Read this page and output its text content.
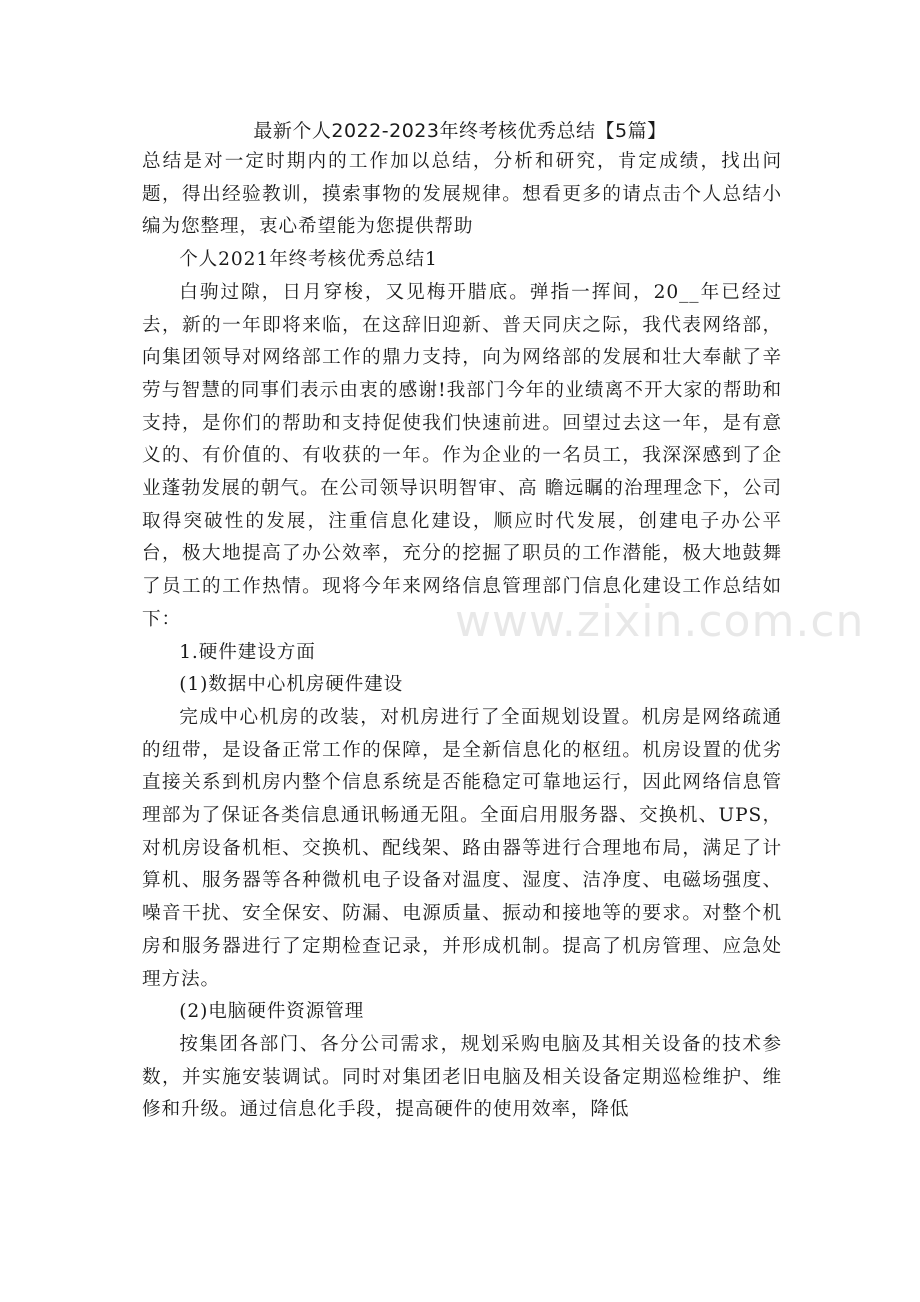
最新个人2022-2023年终考核优秀总结【5篇】

总结是对一定时期内的工作加以总结，分析和研究，肯定成绩，找出问题，得出经验教训，摸索事物的发展规律。想看更多的请点击个人总结小编为您整理，衷心希望能为您提供帮助

个人2021年终考核优秀总结1

白驹过隙，日月穿梭，又见梅开腊底。弹指一挥间，20__年已经过去，新的一年即将来临，在这辞旧迎新、普天同庆之际，我代表网络部，向集团领导对网络部工作的鼎力支持，向为网络部的发展和壮大奉献了辛劳与智慧的同事们表示由衷的感谢!我部门今年的业绩离不开大家的帮助和支持，是你们的帮助和支持促使我们快速前进。回望过去这一年，是有意义的、有价值的、有收获的一年。作为企业的一名员工，我深深感到了企业蓬勃发展的朝气。在公司领导识明智审、高 瞻远瞩的治理理念下，公司取得突破性的发展，注重信息化建设，顺应时代发展，创建电子办公平台，极大地提高了办公效率，充分的挖掘了职员的工作潜能，极大地鼓舞了员工的工作热情。现将今年来网络信息管理部门信息化建设工作总结如下：

1.硬件建设方面

(1)数据中心机房硬件建设

完成中心机房的改装，对机房进行了全面规划设置。机房是网络疏通的纽带，是设备正常工作的保障，是全新信息化的枢纽。机房设置的优劣直接关系到机房内整个信息系统是否能稳定可靠地运行，因此网络信息管理部为了保证各类信息通讯畅通无阻。全面启用服务器、交换机、UPS，对机房设备机柜、交换机、配线架、路由器等进行合理地布局，满足了计算机、服务器等各种微机电子设备对温度、湿度、洁净度、电磁场强度、噪音干扰、安全保安、防漏、电源质量、振动和接地等的要求。对整个机房和服务器进行了定期检查记录，并形成机制。提高了机房管理、应急处理方法。

(2)电脑硬件资源管理

按集团各部门、各分公司需求，规划采购电脑及其相关设备的技术参数，并实施安装调试。同时对集团老旧电脑及相关设备定期巡检维护、维修和升级。通过信息化手段，提高硬件的使用效率，降低

www.zixin.com.cn
